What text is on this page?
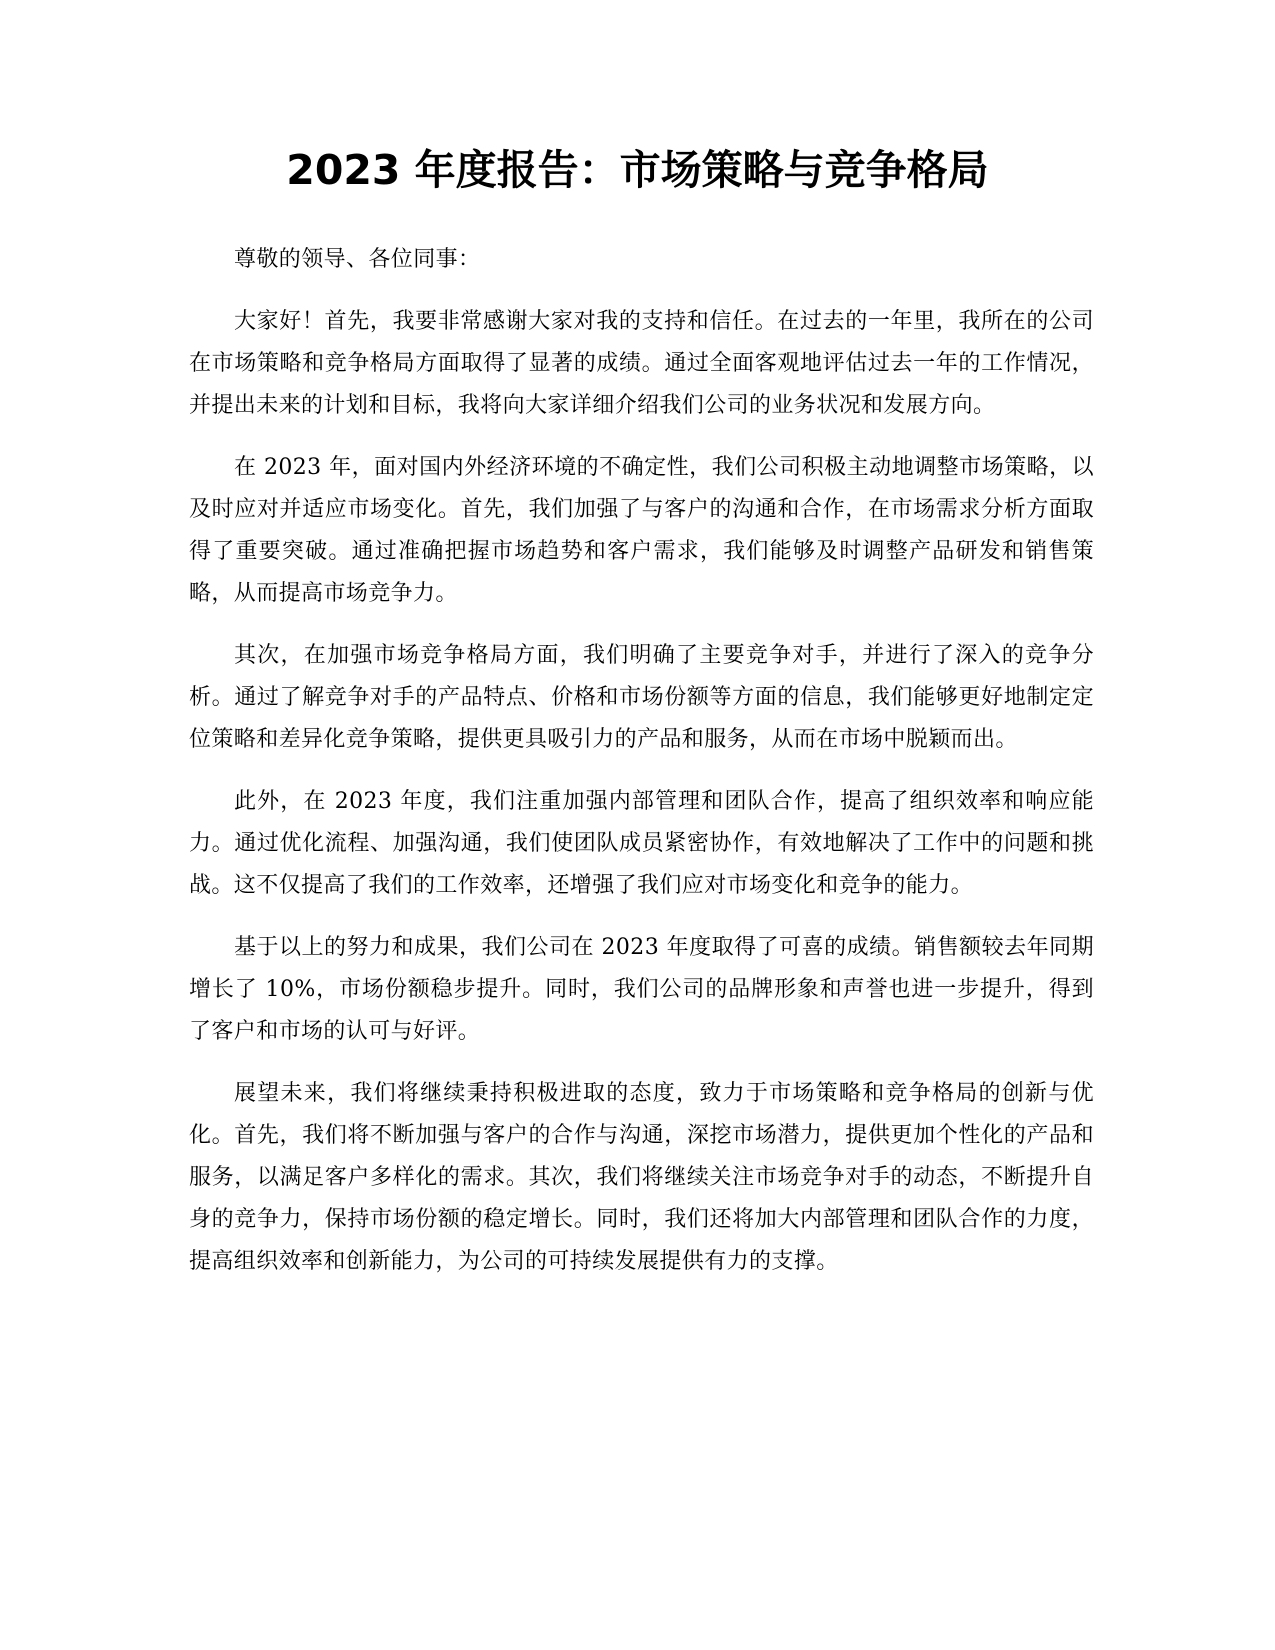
2023 年度报告：市场策略与竞争格局

尊敬的领导、各位同事：

大家好！首先，我要非常感谢大家对我的支持和信任。在过去的一年里，我所在的公司在市场策略和竞争格局方面取得了显著的成绩。通过全面客观地评估过去一年的工作情况，并提出未来的计划和目标，我将向大家详细介绍我们公司的业务状况和发展方向。

在 2023 年，面对国内外经济环境的不确定性，我们公司积极主动地调整市场策略，以及时应对并适应市场变化。首先，我们加强了与客户的沟通和合作，在市场需求分析方面取得了重要突破。通过准确把握市场趋势和客户需求，我们能够及时调整产品研发和销售策略，从而提高市场竞争力。

其次，在加强市场竞争格局方面，我们明确了主要竞争对手，并进行了深入的竞争分析。通过了解竞争对手的产品特点、价格和市场份额等方面的信息，我们能够更好地制定定位策略和差异化竞争策略，提供更具吸引力的产品和服务，从而在市场中脱颖而出。

此外，在 2023 年度，我们注重加强内部管理和团队合作，提高了组织效率和响应能力。通过优化流程、加强沟通，我们使团队成员紧密协作，有效地解决了工作中的问题和挑战。这不仅提高了我们的工作效率，还增强了我们应对市场变化和竞争的能力。

基于以上的努力和成果，我们公司在 2023 年度取得了可喜的成绩。销售额较去年同期增长了 10%，市场份额稳步提升。同时，我们公司的品牌形象和声誉也进一步提升，得到了客户和市场的认可与好评。

展望未来，我们将继续秉持积极进取的态度，致力于市场策略和竞争格局的创新与优化。首先，我们将不断加强与客户的合作与沟通，深挖市场潜力，提供更加个性化的产品和服务，以满足客户多样化的需求。其次，我们将继续关注市场竞争对手的动态，不断提升自身的竞争力，保持市场份额的稳定增长。同时，我们还将加大内部管理和团队合作的力度，提高组织效率和创新能力，为公司的可持续发展提供有力的支撑。
